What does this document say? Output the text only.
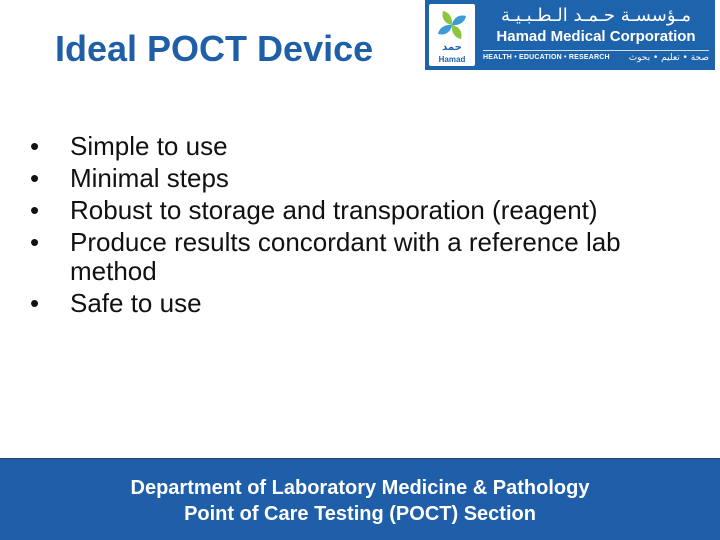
Ideal POCT Device	حمد
Hamad
مـؤسسـة حـمـد الـطـبـيـة
Hamad Medical Corporation
HEALTH • EDUCATION • RESEARCH صحة • تعليم • بحوث
• Simple to use
• Minimal steps
• Robust to storage and transporation (reagent)
• Produce results concordant with a reference lab method
• Safe to use
Department of Laboratory Medicine & Pathology
Point of Care Testing (POCT) Section
